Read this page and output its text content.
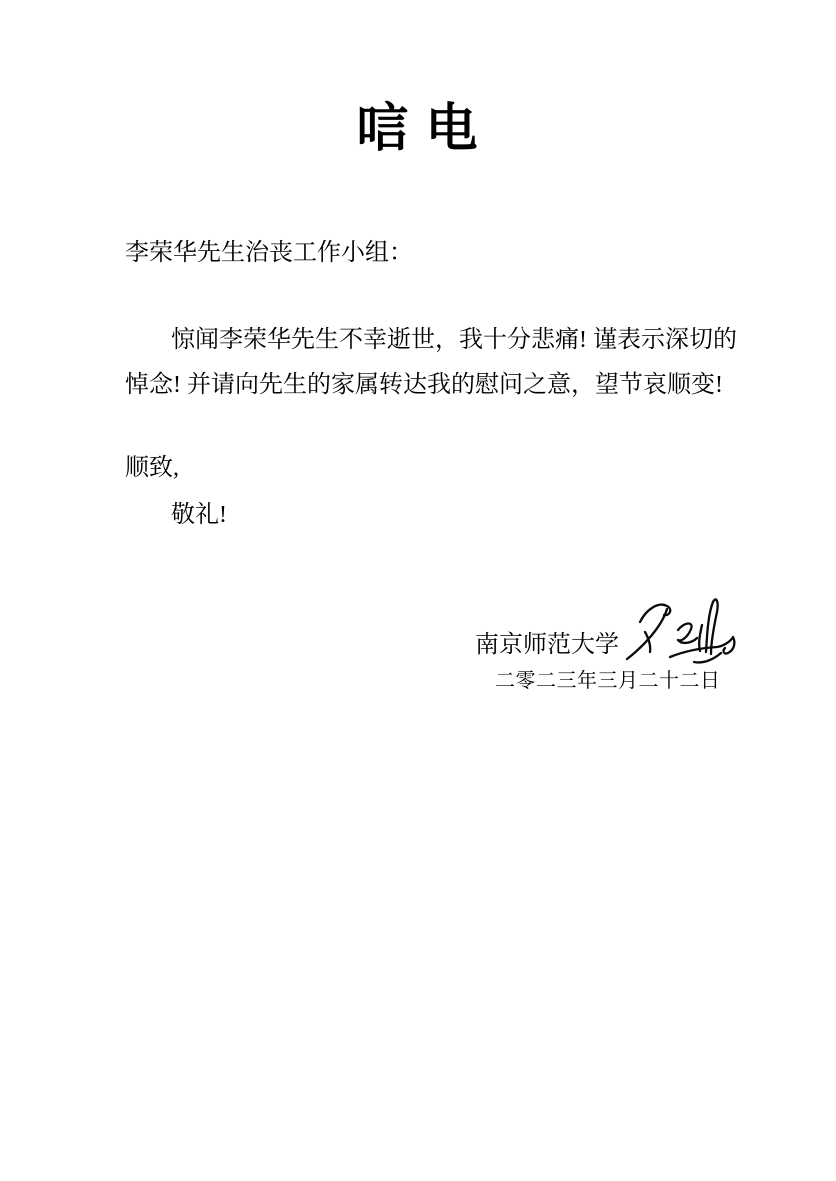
唁 电
李荣华先生治丧工作小组：
惊闻李荣华先生不幸逝世，我十分悲痛! 谨表示深切的
悼念! 并请向先生的家属转达我的慰问之意，望节哀顺变!
顺致,
敬礼!
南京师范大学
二零二三年三月二十二日
